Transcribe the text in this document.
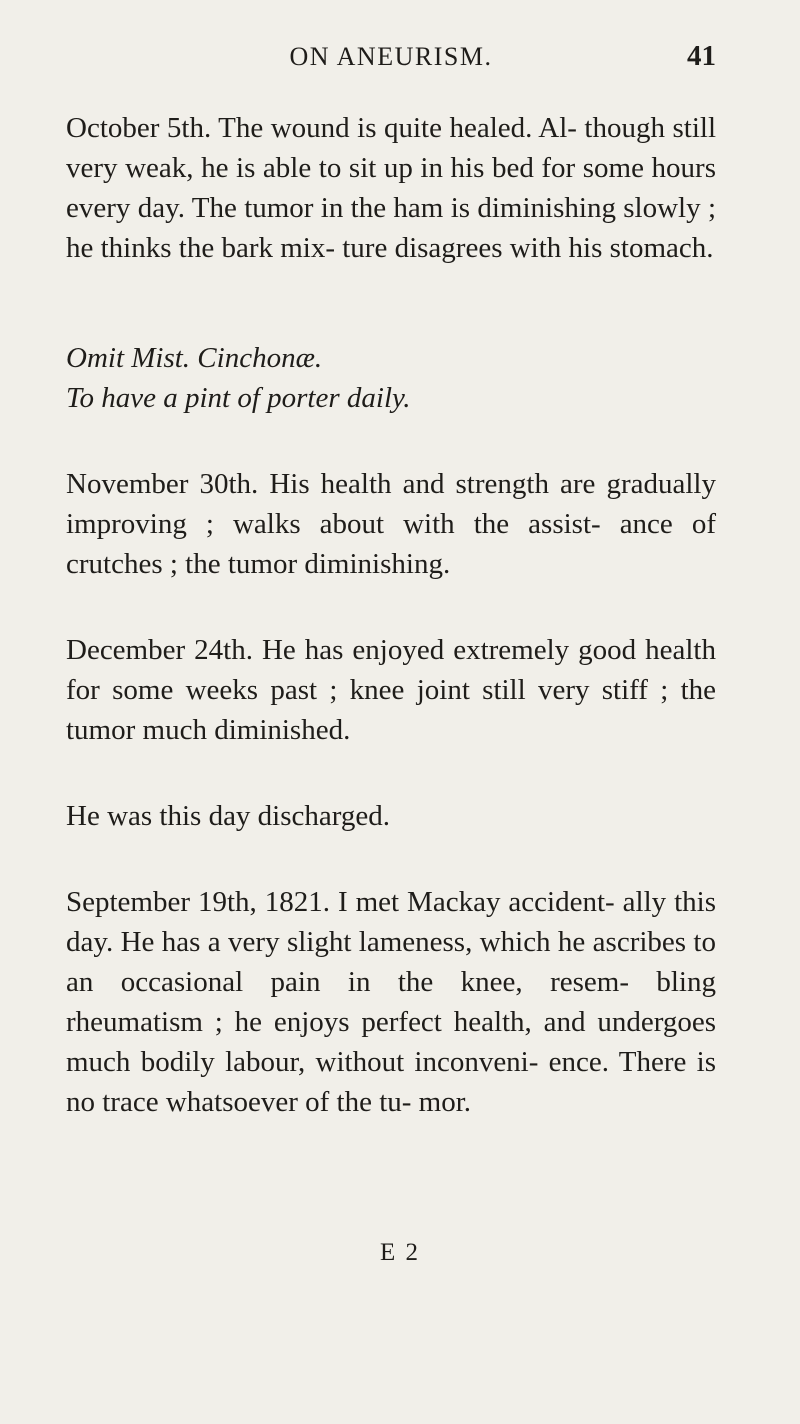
ON ANEURISM.	41

October 5th. The wound is quite healed. Al- though still very weak, he is able to sit up in his bed for some hours every day. The tumor in the ham is diminishing slowly ; he thinks the bark mix- ture disagrees with his stomach.

Omit Mist. Cinchonæ.

To have a pint of porter daily.

November 30th. His health and strength are gradually improving ; walks about with the assist- ance of crutches ; the tumor diminishing.

December 24th. He has enjoyed extremely good health for some weeks past ; knee joint still very stiff ; the tumor much diminished.

He was this day discharged.

September 19th, 1821. I met Mackay accident- ally this day. He has a very slight lameness, which he ascribes to an occasional pain in the knee, resem- bling rheumatism ; he enjoys perfect health, and undergoes much bodily labour, without inconveni- ence. There is no trace whatsoever of the tu- mor.

E 2
